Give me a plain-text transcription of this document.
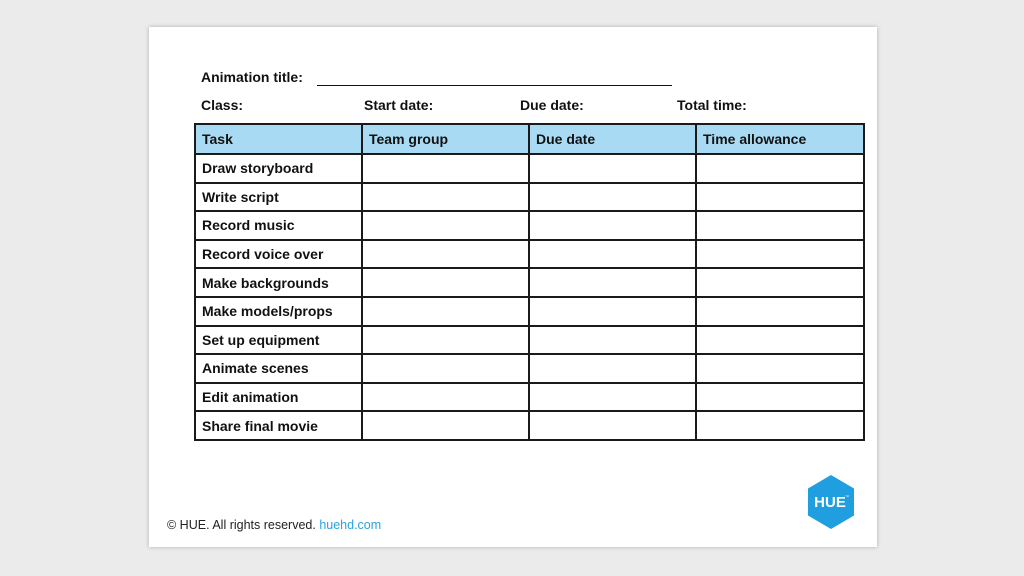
Animation title:
Class:	Start date:	Due date:	Total time:
Task	Team group	Due date	Time allowance
Draw storyboard			
Write script			
Record music			
Record voice over			
Make backgrounds			
Make models/props			
Set up equipment			
Animate scenes			
Edit animation			
Share final movie			
© HUE. All rights reserved. huehd.com
HUE ™
